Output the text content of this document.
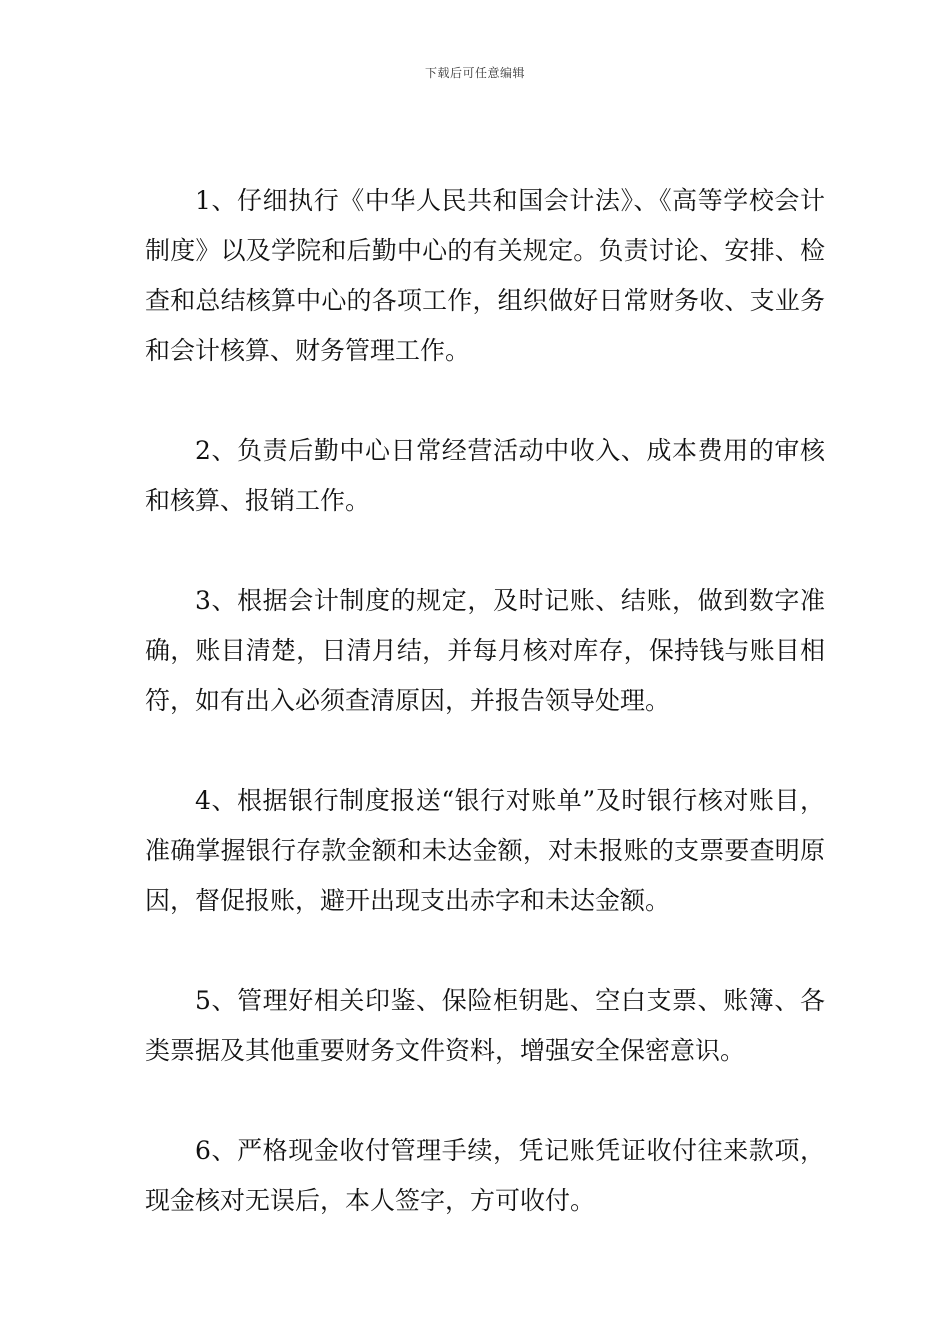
下载后可任意编辑

1、仔细执行《中华人民共和国会计法》、《高等学校会计制度》以及学院和后勤中心的有关规定。负责讨论、安排、检查和总结核算中心的各项工作，组织做好日常财务收、支业务和会计核算、财务管理工作。

2、负责后勤中心日常经营活动中收入、成本费用的审核和核算、报销工作。

3、根据会计制度的规定，及时记账、结账，做到数字准确，账目清楚，日清月结，并每月核对库存，保持钱与账目相符，如有出入必须查清原因，并报告领导处理。

4、根据银行制度报送“银行对账单”及时银行核对账目，准确掌握银行存款金额和未达金额，对未报账的支票要查明原因，督促报账，避开出现支出赤字和未达金额。

5、管理好相关印鉴、保险柜钥匙、空白支票、账簿、各类票据及其他重要财务文件资料，增强安全保密意识。

6、严格现金收付管理手续，凭记账凭证收付往来款项，现金核对无误后，本人签字，方可收付。
